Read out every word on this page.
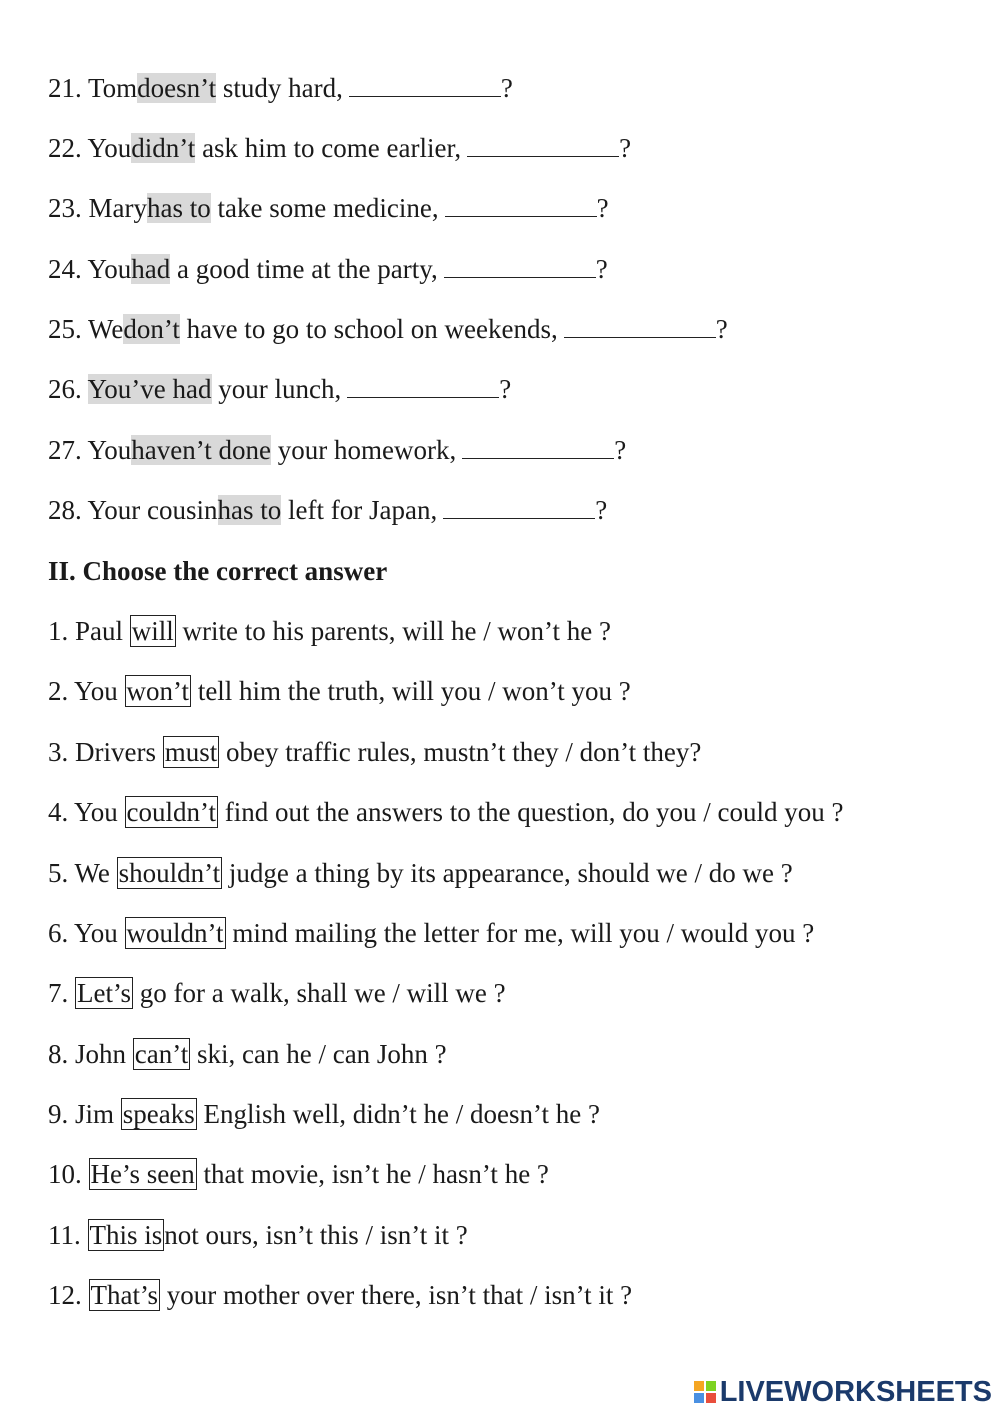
21. Tomdoesn’t study hard,	?
22. Youdidn’t ask him to come earlier,	?
23. Maryhas to take some medicine,	?
24. Youhad a good time at the party,	?
25. Wedon’t have to go to school on weekends,	?
26. You’ve had your lunch,	?
27. Youhaven’t done your homework,	?
28. Your cousinhas to left for Japan,	?
II. Choose the correct answer
1. Paul will write to his parents, will he / won’t he ?
2. You won’t tell him the truth, will you / won’t you ?
3. Drivers must obey traffic rules, mustn’t they / don’t they?
4. You couldn’t find out the answers to the question, do you / could you ?
5. We shouldn’t judge a thing by its appearance, should we / do we ?
6. You wouldn’t mind mailing the letter for me, will you / would you ?
7. Let’s go for a walk, shall we / will we ?
8. John can’t ski, can he / can John ?
9. Jim speaks English well, didn’t he / doesn’t he ?
10. He’s seen that movie, isn’t he / hasn’t he ?
11. This isnot ours, isn’t this / isn’t it ?
12. That’s your mother over there, isn’t that / isn’t it ?
LIVEWORKSHEETS
